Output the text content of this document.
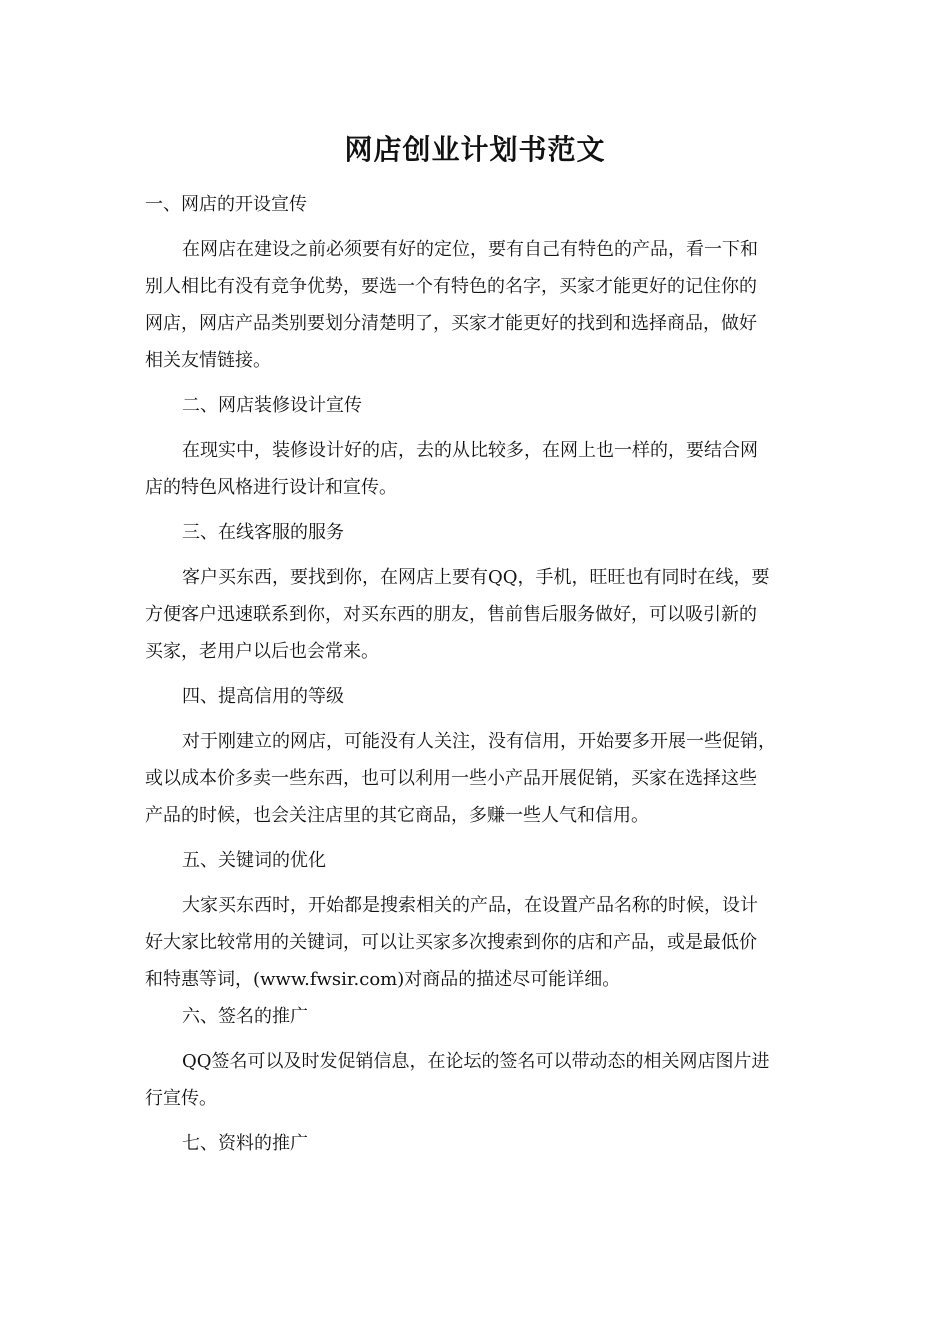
网店创业计划书范文

一、网店的开设宣传

在网店在建设之前必须要有好的定位，要有自己有特色的产品，看一下和

别人相比有没有竞争优势，要选一个有特色的名字，买家才能更好的记住你的

网店，网店产品类别要划分清楚明了，买家才能更好的找到和选择商品，做好

相关友情链接。

二、网店装修设计宣传

在现实中，装修设计好的店，去的从比较多，在网上也一样的，要结合网

店的特色风格进行设计和宣传。

三、在线客服的服务

客户买东西，要找到你，在网店上要有QQ，手机，旺旺也有同时在线，要

方便客户迅速联系到你，对买东西的朋友，售前售后服务做好，可以吸引新的

买家，老用户以后也会常来。

四、提高信用的等级

对于刚建立的网店，可能没有人关注，没有信用，开始要多开展一些促销，

或以成本价多卖一些东西，也可以利用一些小产品开展促销，买家在选择这些

产品的时候，也会关注店里的其它商品，多赚一些人气和信用。

五、关键词的优化

大家买东西时，开始都是搜索相关的产品，在设置产品名称的时候，设计

好大家比较常用的关键词，可以让买家多次搜索到你的店和产品，或是最低价

和特惠等词，(www.fwsir.com)对商品的描述尽可能详细。

六、签名的推广

QQ签名可以及时发促销信息，在论坛的签名可以带动态的相关网店图片进

行宣传。

七、资料的推广
